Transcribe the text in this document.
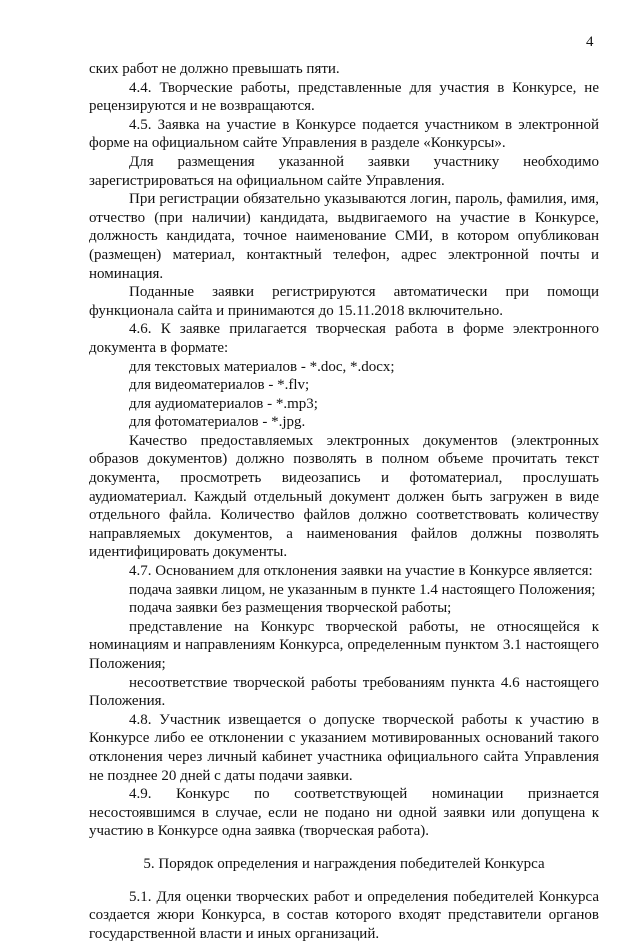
4

ских работ не должно превышать пяти.

4.4. Творческие работы, представленные для участия в Конкурсе, не рецензируются и не возвращаются.

4.5. Заявка на участие в Конкурсе подается участником в электронной форме на официальном сайте Управления в разделе «Конкурсы».

Для размещения указанной заявки участнику необходимо зарегистрироваться на официальном сайте Управления.

При регистрации обязательно указываются логин, пароль, фамилия, имя, отчество (при наличии) кандидата, выдвигаемого на участие в Конкурсе, должность кандидата, точное наименование СМИ, в котором опубликован (размещен) материал, контактный телефон, адрес электронной почты и номинация.

Поданные заявки регистрируются автоматически при помощи функционала сайта и принимаются до 15.11.2018 включительно.

4.6. К заявке прилагается творческая работа в форме электронного документа в формате:

для текстовых материалов - *.doc, *.docx;

для видеоматериалов - *.flv;

для аудиоматериалов - *.mp3;

для фотоматериалов - *.jpg.

Качество предоставляемых электронных документов (электронных образов документов) должно позволять в полном объеме прочитать текст документа, просмотреть видеозапись и фотоматериал, прослушать аудиоматериал. Каждый отдельный документ должен быть загружен в виде отдельного файла. Количество файлов должно соответствовать количеству направляемых документов, а наименования файлов должны позволять идентифицировать документы.

4.7. Основанием для отклонения заявки на участие в Конкурсе является:

подача заявки лицом, не указанным в пункте 1.4 настоящего Положения;

подача заявки без размещения творческой работы;

представление на Конкурс творческой работы, не относящейся к номинациям и направлениям Конкурса, определенным пунктом 3.1 настоящего Положения;

несоответствие творческой работы требованиям пункта 4.6 настоящего Положения.

4.8. Участник извещается о допуске творческой работы к участию в Конкурсе либо ее отклонении с указанием мотивированных оснований такого отклонения через личный кабинет участника официального сайта Управления не позднее 20 дней с даты подачи заявки.

4.9. Конкурс по соответствующей номинации признается несостоявшимся в случае, если не подано ни одной заявки или допущена к участию в Конкурсе одна заявка (творческая работа).

5. Порядок определения и награждения победителей Конкурса

5.1. Для оценки творческих работ и определения победителей Конкурса создается жюри Конкурса, в состав которого входят представители органов государственной власти и иных организаций.
